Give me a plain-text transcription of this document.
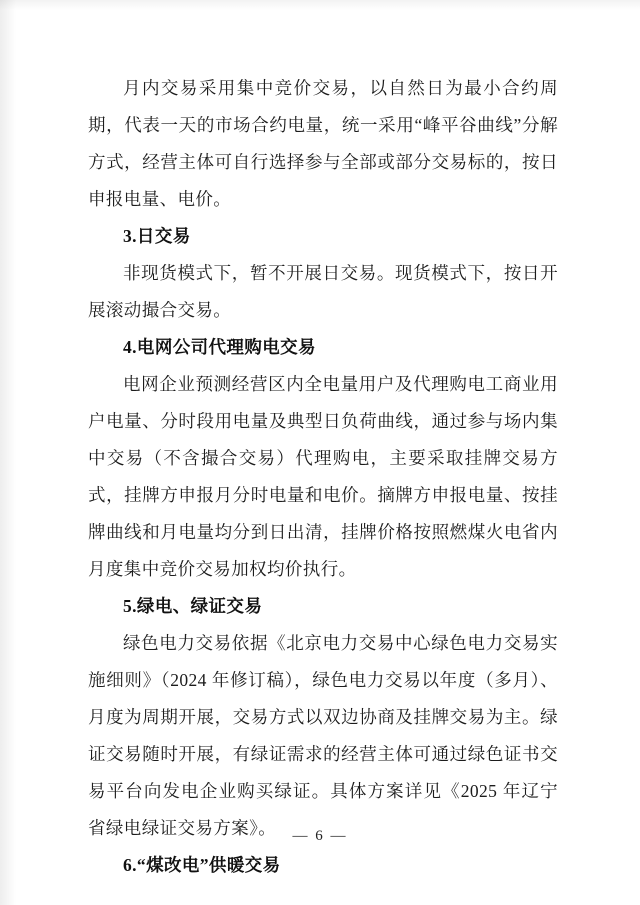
月内交易采用集中竞价交易，以自然日为最小合约周期，代表一天的市场合约电量，统一采用“峰平谷曲线”分解方式，经营主体可自行选择参与全部或部分交易标的，按日申报电量、电价。

3.日交易

非现货模式下，暂不开展日交易。现货模式下，按日开展滚动撮合交易。

4.电网公司代理购电交易

电网企业预测经营区内全电量用户及代理购电工商业用户电量、分时段用电量及典型日负荷曲线，通过参与场内集中交易（不含撮合交易）代理购电，主要采取挂牌交易方式，挂牌方申报月分时电量和电价。摘牌方申报电量、按挂牌曲线和月电量均分到日出清，挂牌价格按照燃煤火电省内月度集中竞价交易加权均价执行。

5.绿电、绿证交易

绿色电力交易依据《北京电力交易中心绿色电力交易实施细则》（2024 年修订稿），绿色电力交易以年度（多月）、月度为周期开展，交易方式以双边协商及挂牌交易为主。绿证交易随时开展，有绿证需求的经营主体可通过绿色证书交易平台向发电企业购买绿证。具体方案详见《2025 年辽宁省绿电绿证交易方案》。

6.“煤改电”供暖交易

— 6 —
